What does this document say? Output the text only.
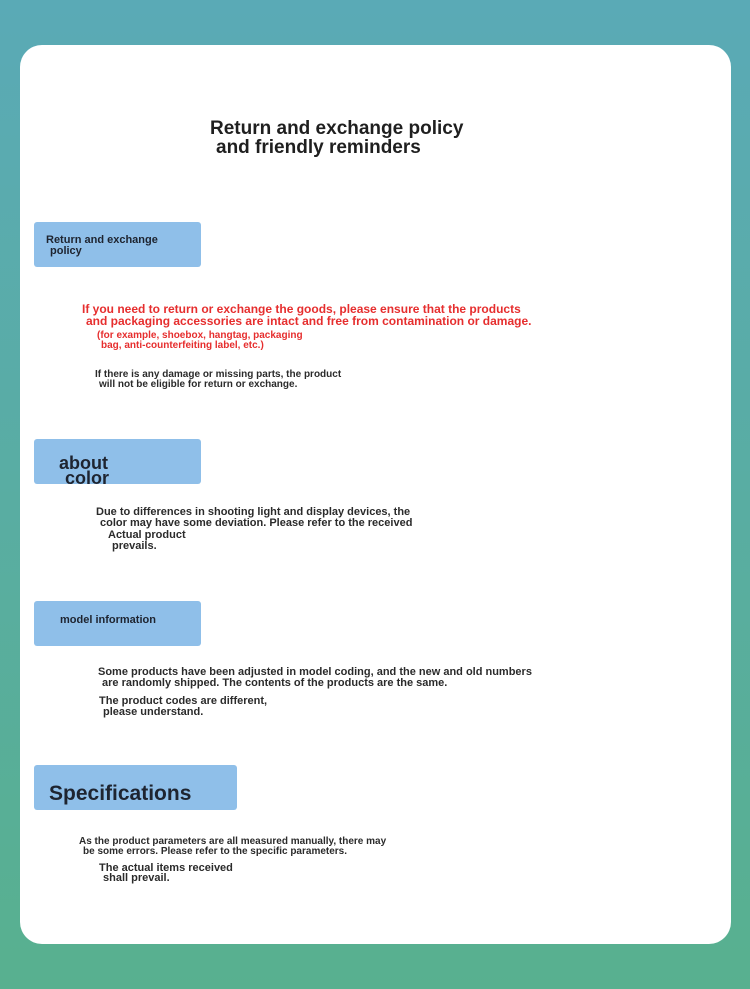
Return and exchange policy
and friendly reminders
Return and exchange
policy
If you need to return or exchange the goods, please ensure that the products
and packaging accessories are intact and free from contamination or damage.
(for example, shoebox, hangtag, packaging
bag, anti-counterfeiting label, etc.)
If there is any damage or missing parts, the product
will not be eligible for return or exchange.
about
color
Due to differences in shooting light and display devices, the
color may have some deviation. Please refer to the received
Actual product
prevails.
model information
Some products have been adjusted in model coding, and the new and old numbers
are randomly shipped. The contents of the products are the same.
The product codes are different,
please understand.
Specifications
As the product parameters are all measured manually, there may
be some errors. Please refer to the specific parameters.
The actual items received
shall prevail.
